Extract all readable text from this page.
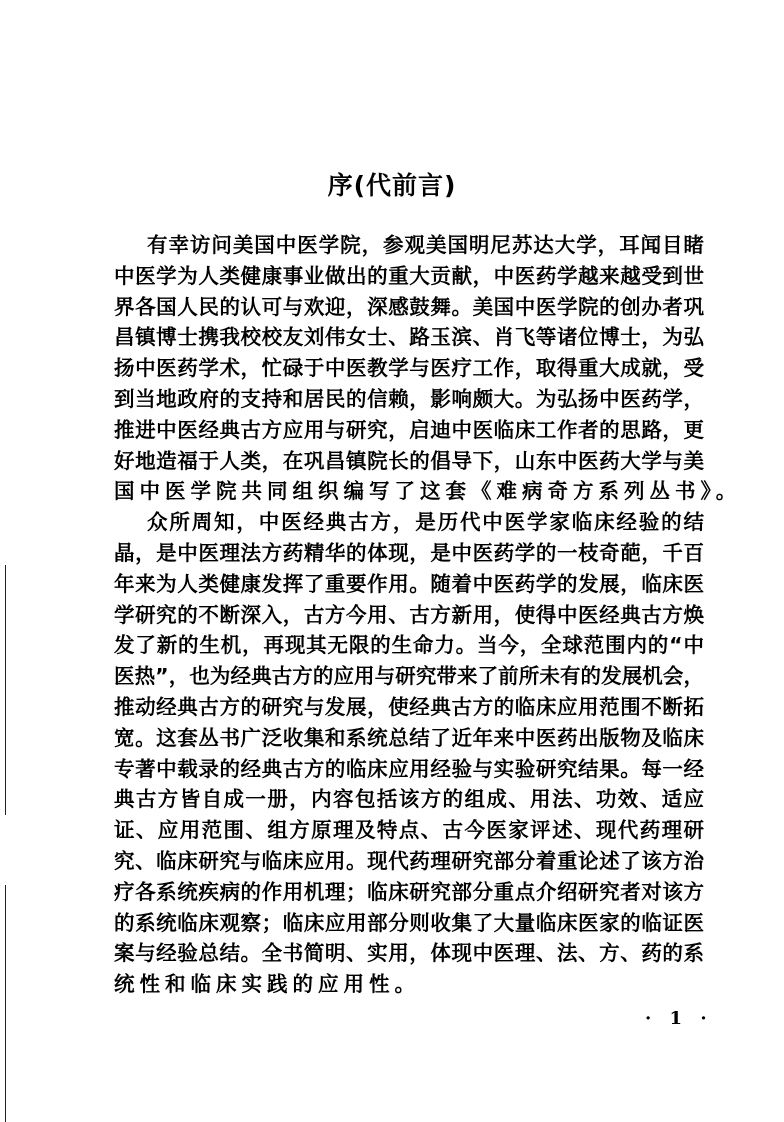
序(代前言)
有幸访问美国中医学院，参观美国明尼苏达大学，耳闻目睹
中医学为人类健康事业做出的重大贡献，中医药学越来越受到世
界各国人民的认可与欢迎，深感鼓舞。美国中医学院的创办者巩
昌镇博士携我校校友刘伟女士、路玉滨、肖飞等诸位博士，为弘
扬中医药学术，忙碌于中医教学与医疗工作，取得重大成就，受
到当地政府的支持和居民的信赖，影响颇大。为弘扬中医药学，
推进中医经典古方应用与研究，启迪中医临床工作者的思路，更
好地造福于人类，在巩昌镇院长的倡导下，山东中医药大学与美
国中医学院共同组织编写了这套《难病奇方系列丛书》。
众所周知，中医经典古方，是历代中医学家临床经验的结
晶，是中医理法方药精华的体现，是中医药学的一枝奇葩，千百
年来为人类健康发挥了重要作用。随着中医药学的发展，临床医
学研究的不断深入，古方今用、古方新用，使得中医经典古方焕
发了新的生机，再现其无限的生命力。当今，全球范围内的“中
医热”，也为经典古方的应用与研究带来了前所未有的发展机会，
推动经典古方的研究与发展，使经典古方的临床应用范围不断拓
宽。这套丛书广泛收集和系统总结了近年来中医药出版物及临床
专著中载录的经典古方的临床应用经验与实验研究结果。每一经
典古方皆自成一册，内容包括该方的组成、用法、功效、适应
证、应用范围、组方原理及特点、古今医家评述、现代药理研
究、临床研究与临床应用。现代药理研究部分着重论述了该方治
疗各系统疾病的作用机理；临床研究部分重点介绍研究者对该方
的系统临床观察；临床应用部分则收集了大量临床医家的临证医
案与经验总结。全书简明、实用，体现中医理、法、方、药的系
统性和临床实践的应用性。
· 1 ·
